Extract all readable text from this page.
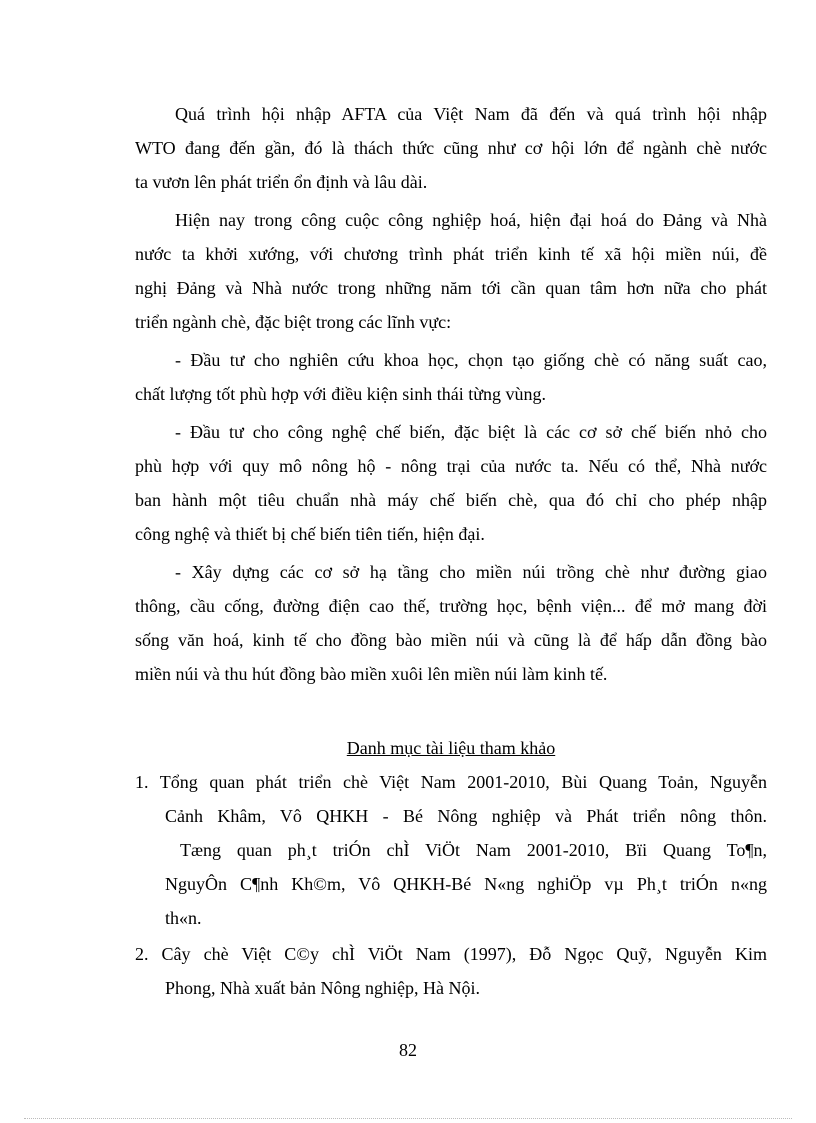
Quá trình hội nhập AFTA của Việt Nam đã đến và quá trình hội nhập
WTO đang đến gần, đó là thách thức cũng như cơ hội lớn để ngành chè nước
ta vươn lên phát triển ổn định và lâu dài.
Hiện nay trong công cuộc công nghiệp hoá, hiện đại hoá do Đảng và Nhà
nước ta khởi xướng, với chương trình phát triển kinh tế xã hội miền núi, đề
nghị Đảng và Nhà nước trong những năm tới cần quan tâm hơn nữa cho phát
triển ngành chè, đặc biệt trong các lĩnh vực:
- Đầu tư cho nghiên cứu khoa học, chọn tạo giống chè có năng suất cao,
chất lượng tốt phù hợp với điều kiện sinh thái từng vùng.
- Đầu tư cho công nghệ chế biến, đặc biệt là các cơ sở chế biến nhỏ cho
phù hợp với quy mô nông hộ - nông trại của nước ta. Nếu có thể, Nhà nước
ban hành một tiêu chuẩn nhà máy chế biến chè, qua đó chỉ cho phép nhập
công nghệ và thiết bị chế biến tiên tiến, hiện đại.
- Xây dựng các cơ sở hạ tầng cho miền núi trồng chè như đường giao
thông, cầu cống, đường điện cao thế, trường học, bệnh viện... để mở mang đời
sống văn hoá, kinh tế cho đồng bào miền núi và cũng là để hấp dẫn đồng bào
miền núi và thu hút đồng bào miền xuôi lên miền núi làm kinh tế.
Danh mục tài liệu tham khảo
1. Tổng quan phát triển chè Việt Nam 2001-2010, Bùi Quang Toản, Nguyễn
Cảnh Khâm, Vô QHKH - Bé Nông nghiệp và Phát triển nông thôn.
Tæng quan ph¸t triÓn chÌ ViÖt Nam 2001-2010, Bïi Quang To¶n,
NguyÔn C¶nh Kh©m, Vô QHKH-Bé N«ng nghiÖp vµ Ph¸t triÓn n«ng
th«n.
2. Cây chè Việt C©y chÌ ViÖt Nam (1997), Đỗ Ngọc Quỹ, Nguyễn Kim
Phong, Nhà xuất bản Nông nghiệp, Hà Nội.
82
